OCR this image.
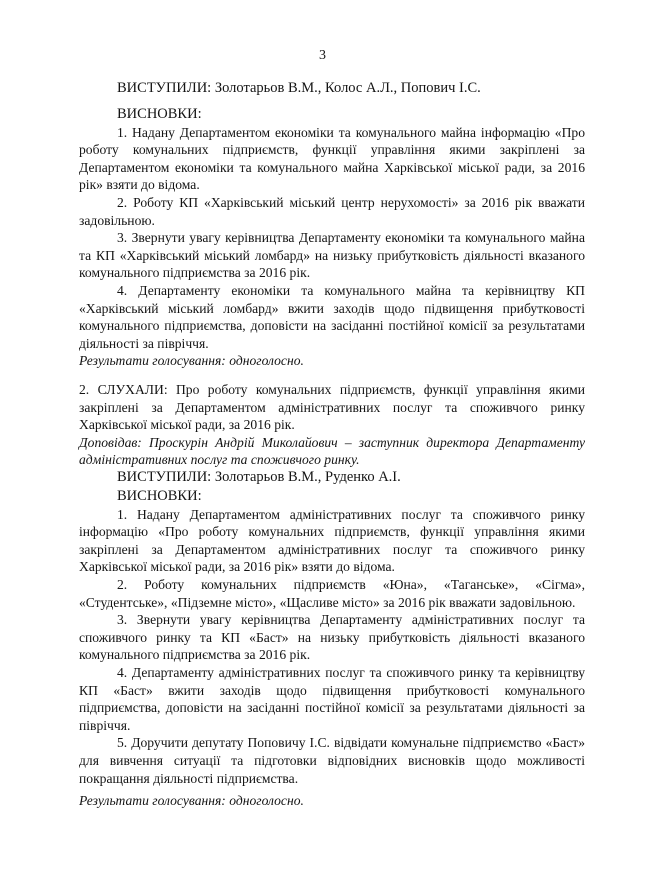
3

ВИСТУПИЛИ: Золотарьов В.М., Колос А.Л., Попович І.С.

ВИСНОВКИ:

1. Надану Департаментом економіки та комунального майна інформацію «Про роботу комунальних підприємств, функції управління якими закріплені за Департаментом економіки та комунального майна Харківської міської ради, за 2016 рік» взяти до відома.

2. Роботу КП «Харківський міський центр нерухомості» за 2016 рік вважати задовільною.

3. Звернути увагу керівництва Департаменту економіки та комунального майна та КП «Харківський міський ломбард» на низьку прибутковість діяльності вказаного комунального підприємства за 2016 рік.

4. Департаменту економіки та комунального майна та керівництву КП «Харківський міський ломбард» вжити заходів щодо підвищення прибутковості комунального підприємства, доповісти на засіданні постійної комісії за результатами діяльності за півріччя.

Результати голосування: одноголосно.

2. СЛУХАЛИ: Про роботу комунальних підприємств, функції управління якими закріплені за Департаментом адміністративних послуг та споживчого ринку Харківської міської ради, за 2016 рік.

Доповідав: Проскурін Андрій Миколайович – заступник директора Департаменту адміністративних послуг та споживчого ринку.

ВИСТУПИЛИ: Золотарьов В.М., Руденко А.І.

ВИСНОВКИ:

1. Надану Департаментом адміністративних послуг та споживчого ринку інформацію «Про роботу комунальних підприємств, функції управління якими закріплені за Департаментом адміністративних послуг та споживчого ринку Харківської міської ради, за 2016 рік» взяти до відома.

2. Роботу комунальних підприємств «Юна», «Таганське», «Сігма», «Студентське», «Підземне місто», «Щасливе місто» за 2016 рік вважати задовільною.

3. Звернути увагу керівництва Департаменту адміністративних послуг та споживчого ринку та КП «Баст» на низьку прибутковість діяльності вказаного комунального підприємства за 2016 рік.

4. Департаменту адміністративних послуг та споживчого ринку та керівництву КП «Баст» вжити заходів щодо підвищення прибутковості комунального підприємства, доповісти на засіданні постійної комісії за результатами діяльності за півріччя.

5. Доручити депутату Поповичу І.С. відвідати комунальне підприємство «Баст» для вивчення ситуації та підготовки відповідних висновків щодо можливості покращання діяльності підприємства.

Результати голосування: одноголосно.
